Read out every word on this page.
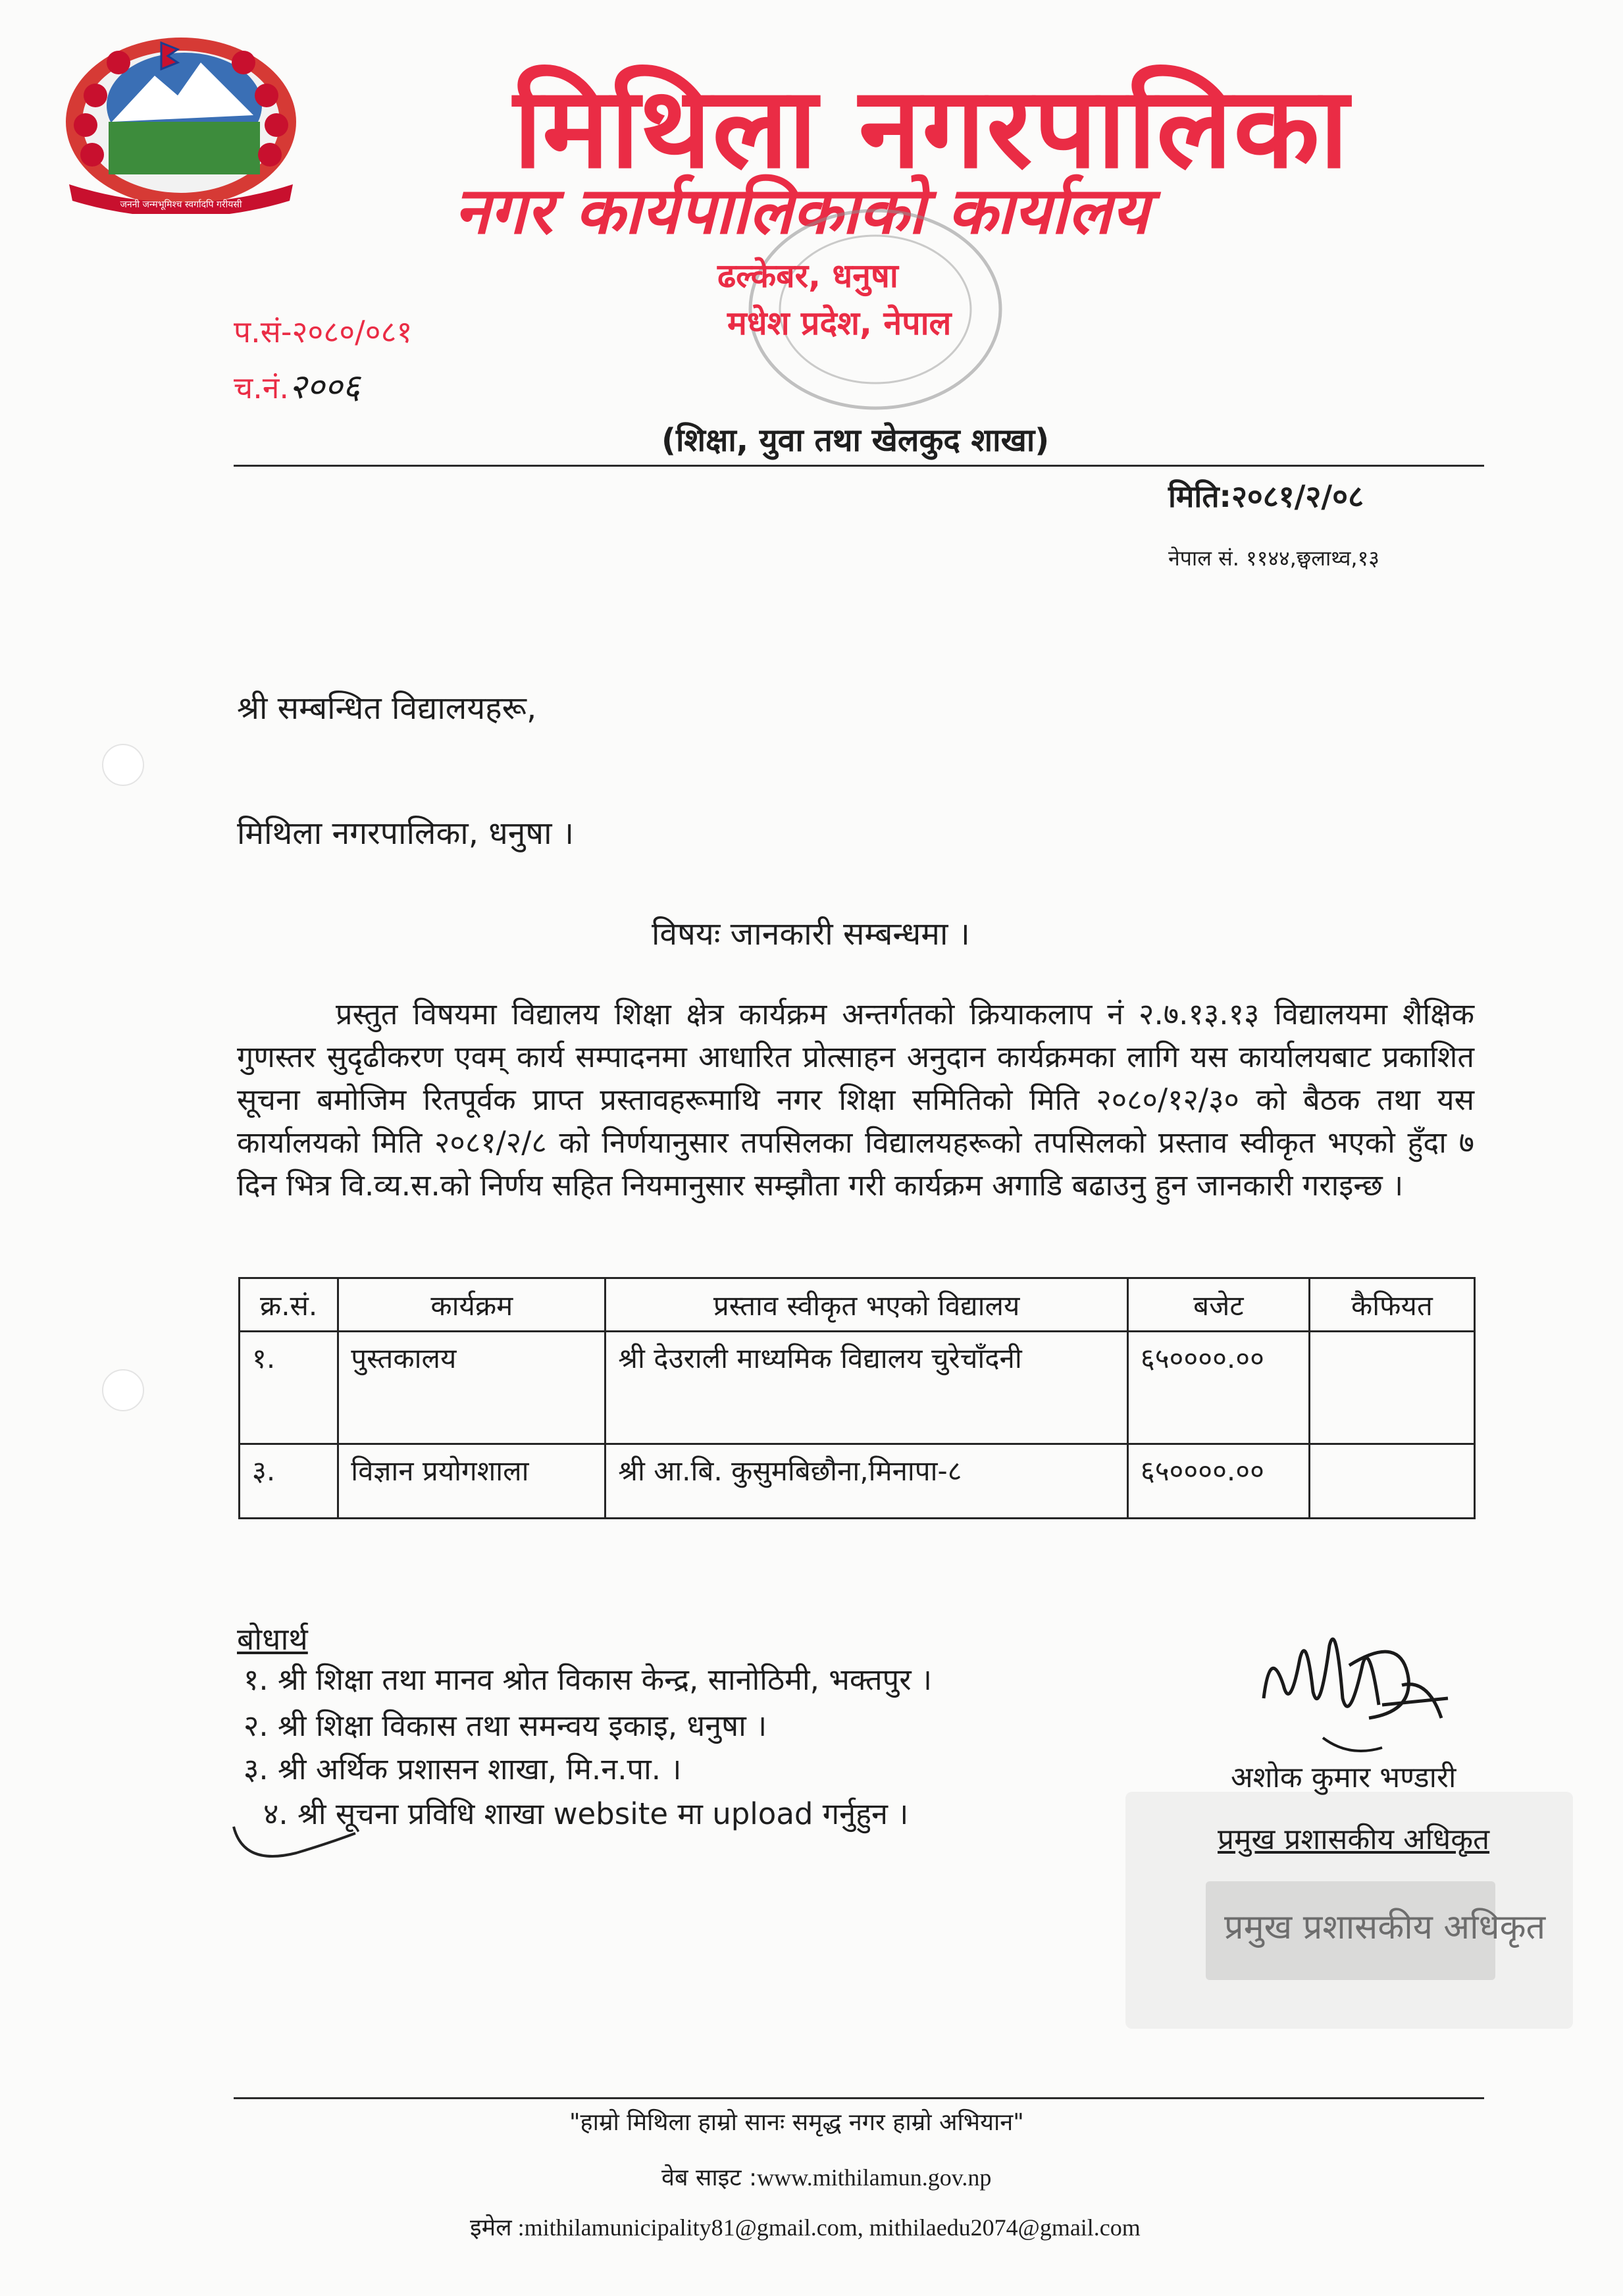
जननी जन्मभूमिश्च स्वर्गादपि गरीयसी
मिथिला नगरपालिका
नगर कार्यपालिकाको कार्यालय
ढल्केबर, धनुषा
मधेश प्रदेश, नेपाल
प.सं-२०८०/०८१
च.नं.२००६
(शिक्षा, युवा तथा खेलकुद शाखा)
मिति:२०८१/२/०८
नेपाल सं. ११४४,छ्वलाथ्व,१३
श्री सम्बन्धित विद्यालयहरू,
मिथिला नगरपालिका, धनुषा ।
विषयः जानकारी सम्बन्धमा ।

प्रस्तुत विषयमा विद्यालय शिक्षा क्षेत्र कार्यक्रम अन्तर्गतको क्रियाकलाप नं २.७.१३.१३ विद्यालयमा शैक्षिक गुणस्तर सुदृढीकरण एवम् कार्य सम्पादनमा आधारित प्रोत्साहन अनुदान कार्यक्रमका लागि यस कार्यालयबाट प्रकाशित सूचना बमोजिम रितपूर्वक प्राप्त प्रस्तावहरूमाथि नगर शिक्षा समितिको मिति २०८०/१२/३० को बैठक तथा यस कार्यालयको मिति २०८१/२/८ को निर्णयानुसार तपसिलका विद्यालयहरूको तपसिलको प्रस्ताव स्वीकृत भएको हुँदा ७ दिन भित्र वि.व्य.स.को निर्णय सहित नियमानुसार सम्झौता गरी कार्यक्रम अगाडि बढाउनु हुन जानकारी गराइन्छ ।

क्र.सं.	कार्यक्रम	प्रस्ताव स्वीकृत भएको विद्यालय	बजेट	कैफियत
१.	पुस्तकालय	श्री देउराली माध्यमिक विद्यालय चुरेचाँदनी	६५००००.००	
३.	विज्ञान प्रयोगशाला	श्री आ.बि. कुसुमबिछौना,मिनापा-८	६५००००.००	
बोधार्थ
१. श्री शिक्षा तथा मानव श्रोत विकास केन्द्र, सानोठिमी, भक्तपुर ।
२. श्री शिक्षा विकास तथा समन्वय इकाइ, धनुषा ।
३. श्री अर्थिक प्रशासन शाखा, मि.न.पा. ।
४. श्री सूचना प्रविधि शाखा website मा upload गर्नुहुन ।
अशोक कुमार भण्डारी
प्रमुख प्रशासकीय अधिकृत
प्रमुख प्रशासकीय अधिकृत
"हाम्रो मिथिला हाम्रो सानः समृद्ध नगर हाम्रो अभियान"
वेब साइट :www.mithilamun.gov.np
इमेल :mithilamunicipality81@gmail.com, mithilaedu2074@gmail.com
